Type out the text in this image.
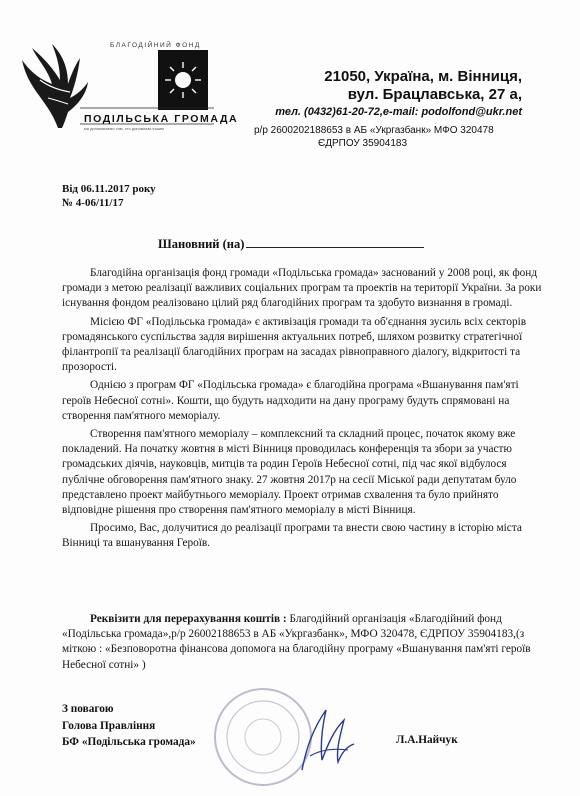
БЛАГОДІЙНИЙ ФОНД
ПОДІЛЬСЬКА ГРОМАДА
ми допомагаємо тим, хто допомагає іншим
21050, Україна, м. Вінниця,
вул. Брацлавська, 27 а,
тел. (0432)61-20-72,e-mail: podolfond@ukr.net
р/р 2600202188653 в АБ «Укргазбанк» МФО 320478
ЄДРПОУ 35904183
Від 06.11.2017 року
№ 4-06/11/17
Шановний (на)

Благодійна організація фонд громади «Подільська громада» заснований у 2008 році, як фонд громади з метою реалізації важливих соціальних програм та проектів на території України. За роки існування фондом реалізовано цілий ряд благодійних програм та здобуто визнання в громаді.

Місією ФГ «Подільська громада» є активізація громади та об'єднання зусиль всіх секторів громадянського суспільства задля вирішення актуальних потреб, шляхом розвитку стратегічної філантропії та реалізації благодійних програм на засадах рівноправного діалогу, відкритості та прозорості.

Однією з програм ФГ «Подільська громада» є благодійна програма «Вшанування пам'яті героїв Небесної сотні». Кошти, що будуть надходити на дану програму будуть спрямовані на створення пам'ятного меморіалу.

Створення пам'ятного меморіалу – комплексний та складний процес, початок якому вже покладений. На початку жовтня в місті Вінниця проводилась конференція та збори за участю громадських діячів, науковців, митців та родин Героїв Небесної сотні, під час якої відбулося публічне обговорення пам'ятного знаку. 27 жовтня 2017р на сесії Міської ради депутатам було представлено проект майбутнього меморіалу. Проект отримав схвалення та було прийнято відповідне рішення про створення пам'ятного меморіалу в місті Вінниця.

Просимо, Вас, долучитися до реалізації програми та внести свою частину в історію міста Вінниці та вшанування Героїв.

Реквізити для перерахування коштів : Благодійний організація «Благодійний фонд «Подільська громада»,р/р 26002188653 в АБ «Укргазбанк», МФО 320478, ЄДРПОУ 35904183,(з міткою : «Безповоротна фінансова допомога на благодійну програму «Вшанування пам'яті героїв Небесної сотні» )
З повагою
Голова Правління
БФ «Подільська громада»	Л.А.Найчук
